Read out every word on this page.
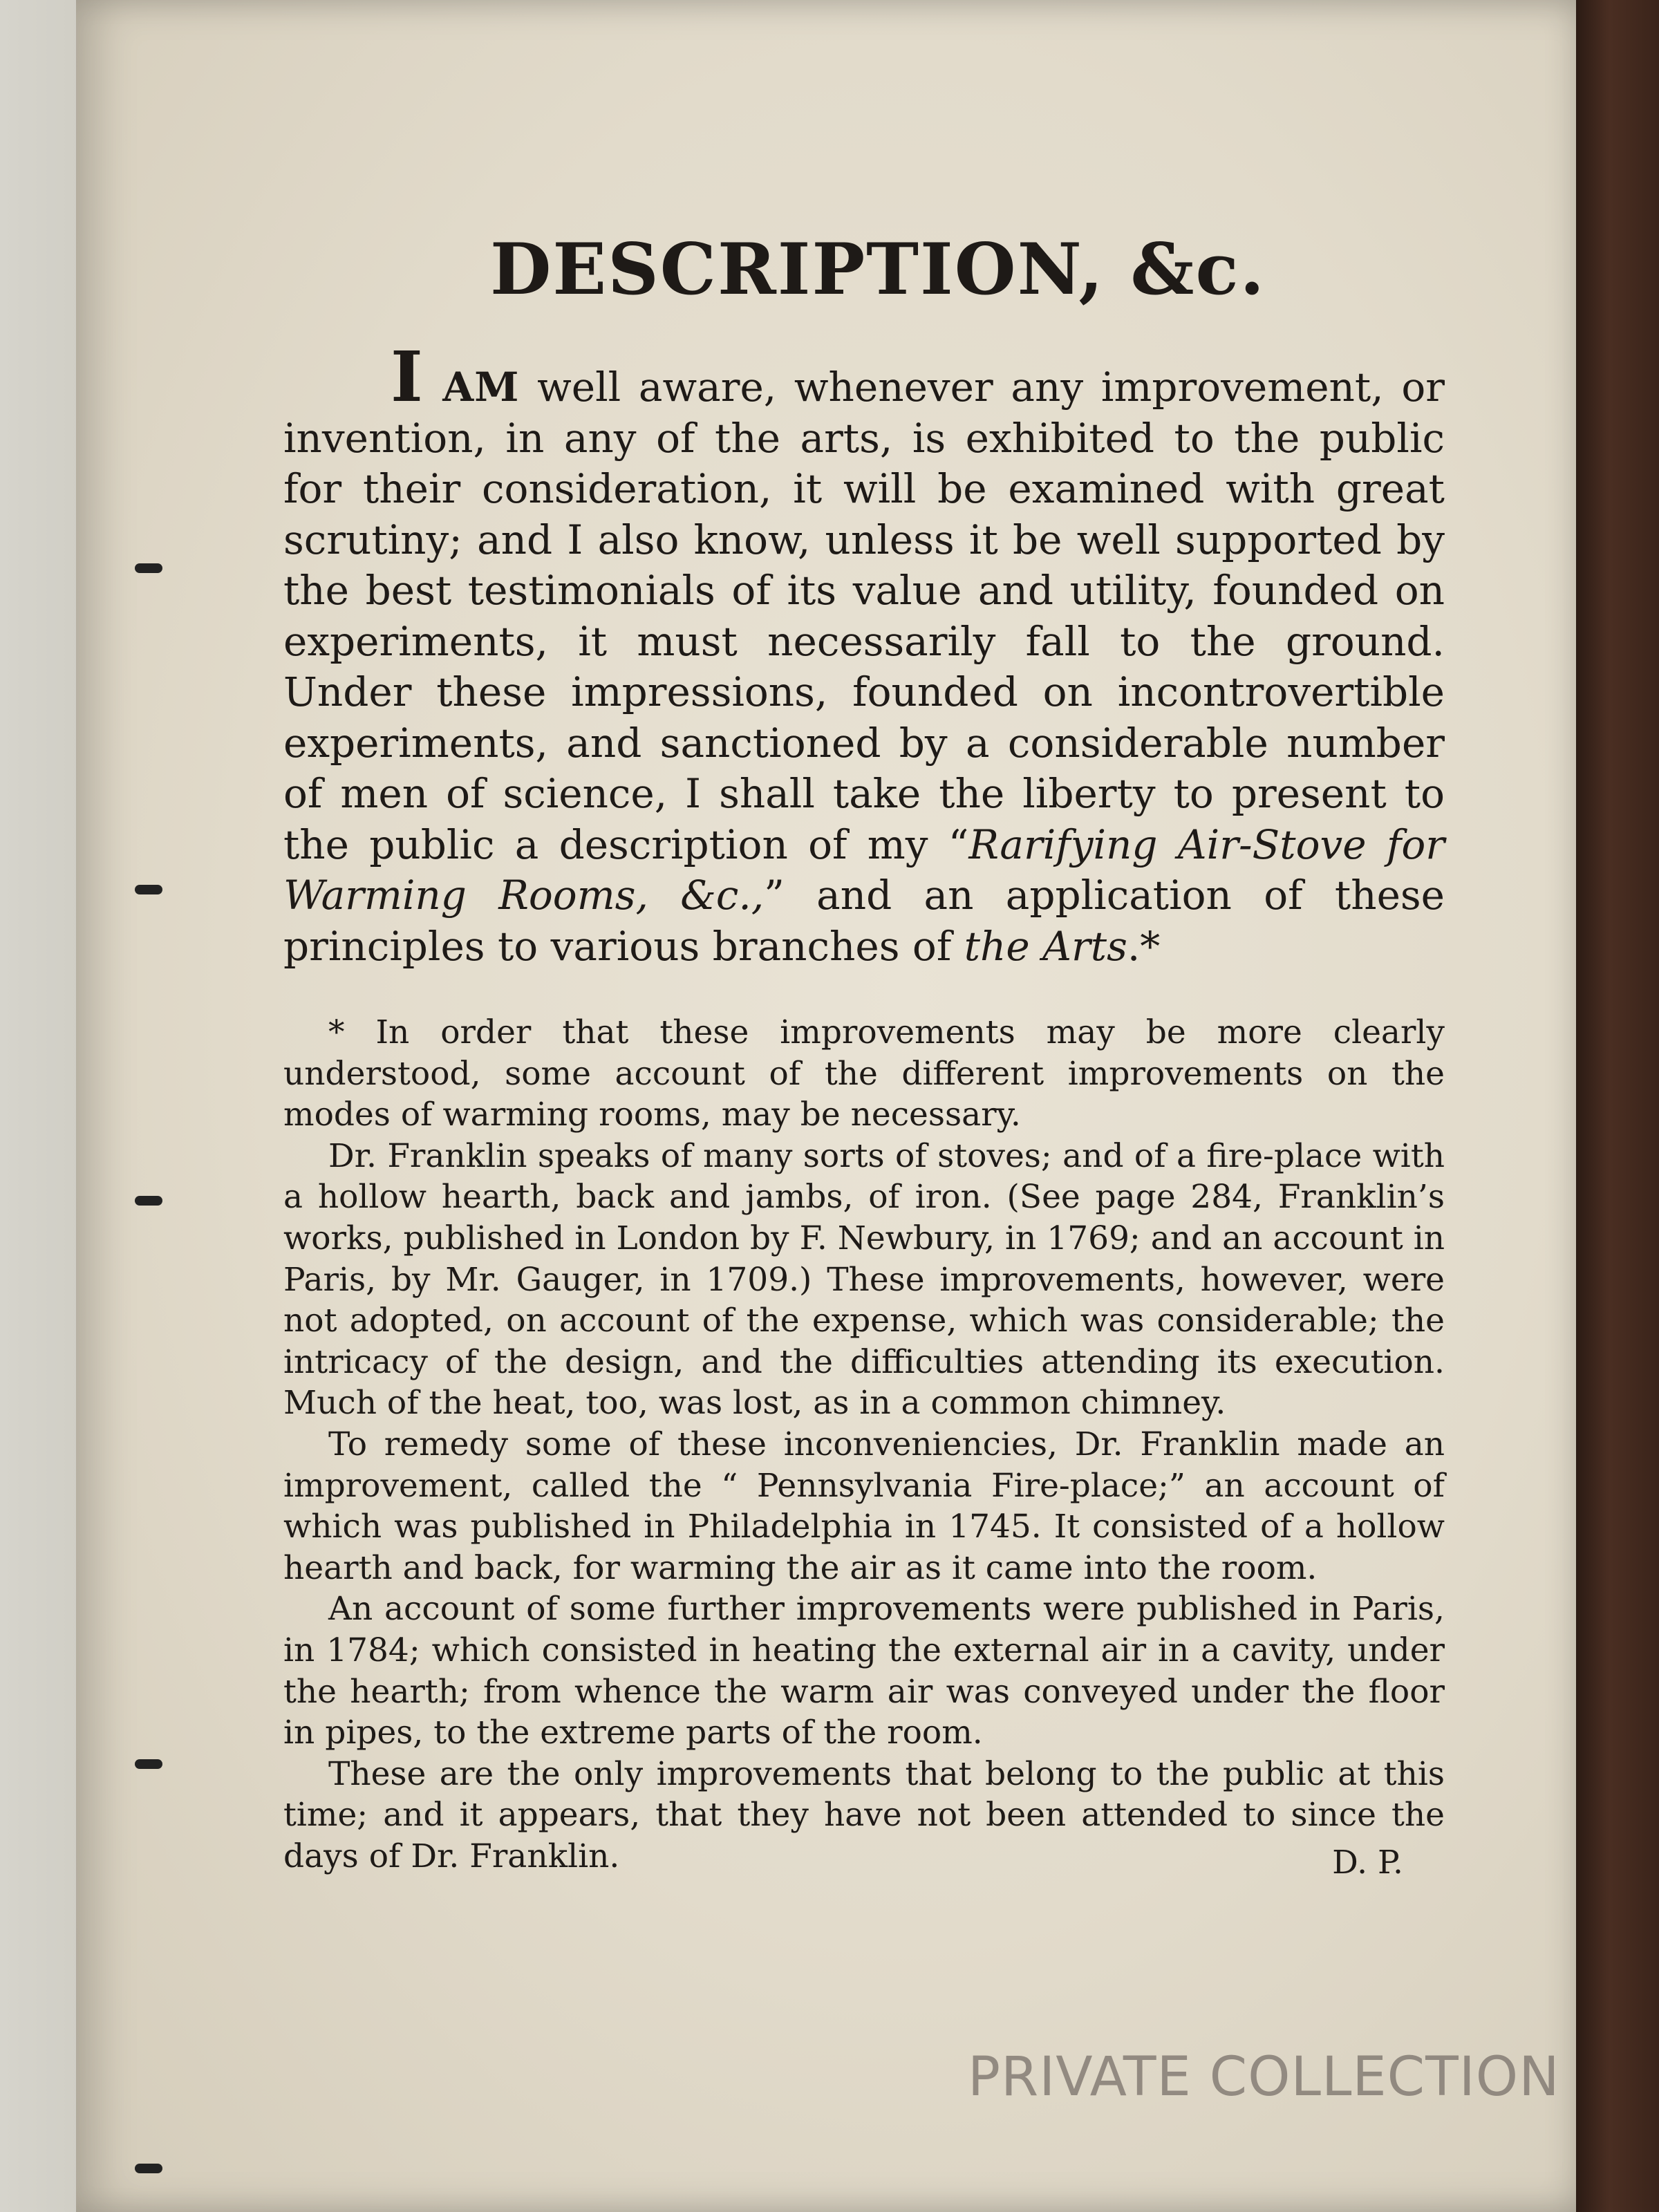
DESCRIPTION, &c.

I AM well aware, whenever any improvement, or invention, in any of the arts, is exhibited to the public for their consideration, it will be examined with great scrutiny; and I also know, unless it be well supported by the best testimonials of its value and utility, founded on experiments, it must necessarily fall to the ground. Under these impressions, founded on incontrovertible experiments, and sanctioned by a considerable number of men of science, I shall take the liberty to present to the public a description of my “Rarifying Air-Stove for Warming Rooms, &c.,” and an application of these principles to various branches of the Arts.*

* In order that these improvements may be more clearly understood, some account of the different improvements on the modes of warming rooms, may be necessary.

Dr. Franklin speaks of many sorts of stoves; and of a fire-place with a hollow hearth, back and jambs, of iron. (See page 284, Franklin’s works, published in London by F. Newbury, in 1769; and an account in Paris, by Mr. Gauger, in 1709.) These improvements, however, were not adopted, on account of the expense, which was considerable; the intricacy of the design, and the difficulties attending its execution. Much of the heat, too, was lost, as in a common chimney.

To remedy some of these inconveniencies, Dr. Franklin made an improvement, called the “ Pennsylvania Fire-place;” an account of which was published in Philadelphia in 1745. It consisted of a hollow hearth and back, for warming the air as it came into the room.

An account of some further improvements were published in Paris, in 1784; which consisted in heating the external air in a cavity, under the hearth; from whence the warm air was conveyed under the floor in pipes, to the extreme parts of the room.

These are the only improvements that belong to the public at this time; and it appears, that they have not been attended to since the days of Dr. Franklin.	D. P.
PRIVATE COLLECTION
